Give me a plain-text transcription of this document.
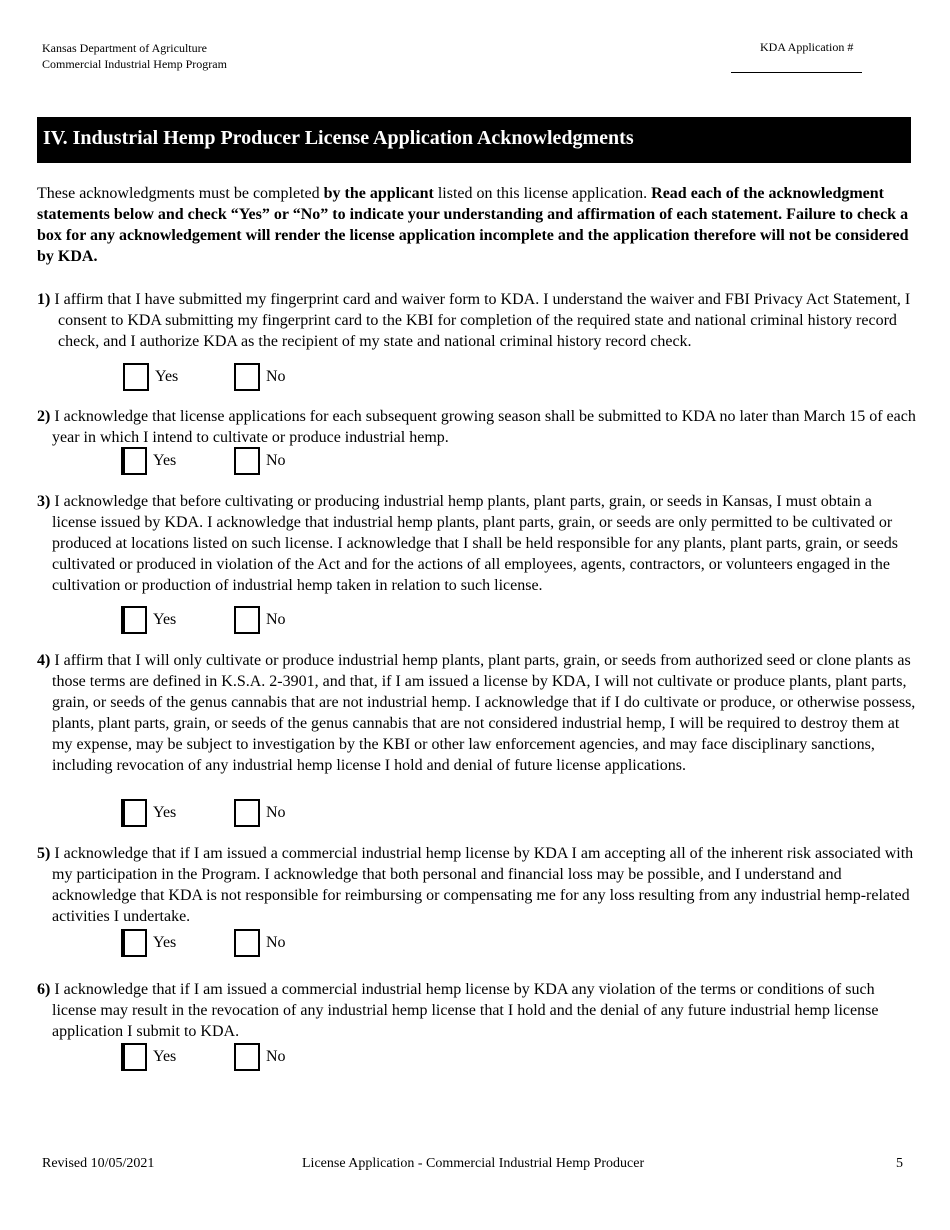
Kansas Department of Agriculture
Commercial Industrial Hemp Program
KDA Application #
IV. Industrial Hemp Producer License Application Acknowledgments
These acknowledgments must be completed by the applicant listed on this license application. Read each of the acknowledgment statements below and check “Yes” or “No” to indicate your understanding and affirmation of each statement. Failure to check a box for any acknowledgement will render the license application incomplete and the application therefore will not be considered by KDA.
1) I affirm that I have submitted my fingerprint card and waiver form to KDA. I understand the waiver and FBI Privacy Act Statement, I consent to KDA submitting my fingerprint card to the KBI for completion of the required state and national criminal history record check, and I authorize KDA as the recipient of my state and national criminal history record check.
Yes	No
2) I acknowledge that license applications for each subsequent growing season shall be submitted to KDA no later than March 15 of each year in which I intend to cultivate or produce industrial hemp.
Yes	No
3) I acknowledge that before cultivating or producing industrial hemp plants, plant parts, grain, or seeds in Kansas, I must obtain a license issued by KDA. I acknowledge that industrial hemp plants, plant parts, grain, or seeds are only permitted to be cultivated or produced at locations listed on such license. I acknowledge that I shall be held responsible for any plants, plant parts, grain, or seeds cultivated or produced in violation of the Act and for the actions of all employees, agents, contractors, or volunteers engaged in the cultivation or production of industrial hemp taken in relation to such license.
Yes	No
4) I affirm that I will only cultivate or produce industrial hemp plants, plant parts, grain, or seeds from authorized seed or clone plants as those terms are defined in K.S.A. 2-3901, and that, if I am issued a license by KDA, I will not cultivate or produce plants, plant parts, grain, or seeds of the genus cannabis that are not industrial hemp. I acknowledge that if I do cultivate or produce, or otherwise possess, plants, plant parts, grain, or seeds of the genus cannabis that are not considered industrial hemp, I will be required to destroy them at my expense, may be subject to investigation by the KBI or other law enforcement agencies, and may face disciplinary sanctions, including revocation of any industrial hemp license I hold and denial of future license applications.
Yes	No
5) I acknowledge that if I am issued a commercial industrial hemp license by KDA I am accepting all of the inherent risk associated with my participation in the Program. I acknowledge that both personal and financial loss may be possible, and I understand and acknowledge that KDA is not responsible for reimbursing or compensating me for any loss resulting from any industrial hemp-related activities I undertake.
Yes	No
6) I acknowledge that if I am issued a commercial industrial hemp license by KDA any violation of the terms or conditions of such license may result in the revocation of any industrial hemp license that I hold and the denial of any future industrial hemp license application I submit to KDA.
Yes	No
Revised 10/05/2021	License Application - Commercial Industrial Hemp Producer	5
